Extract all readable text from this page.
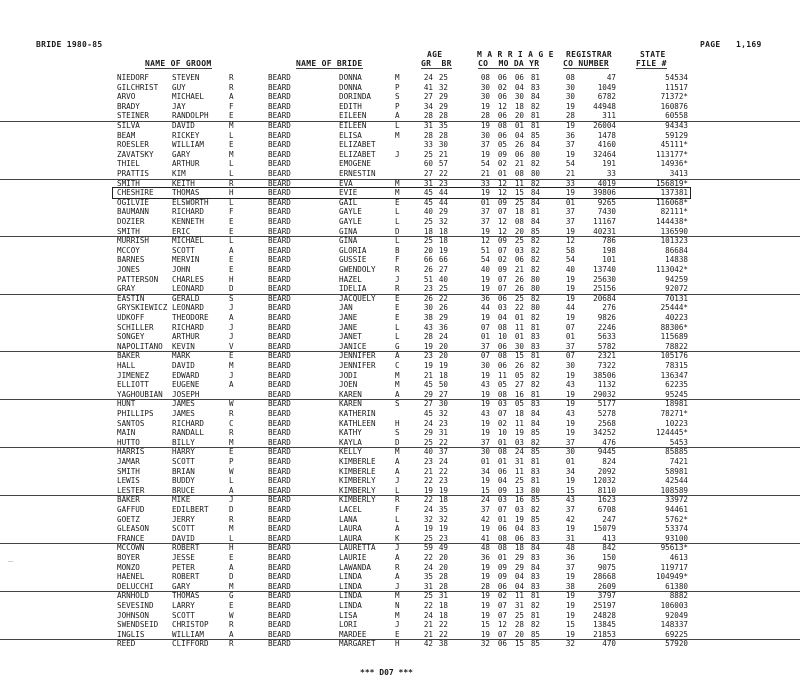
BRIDE 1980-85	PAGE 1,169
AGE	M A R R I A G E REGISTRAR	STATE
NAME OF GROOM	NAME OF BRIDE	GR  BR	CO  MO DA YR	CO NUMBER	FILE #
NIEDORF	STEVEN	R	BEARD	DONNA	M	24 25	08	06	06 81	08	47	54534
GILCHRIST GUY	R	BEARD	DONNA	P	41 32	30	02	04 83	30	1049	11517
ARVO	MICHAEL	A	BEARD	DORINDA	S	27 29	30	06	30 84	30	6782	71372*
BRADY	JAY	F	BEARD	EDITH	P	34 29	19	12	18 82	19	44948	160876
STEINER	RANDOLPH	E	BEARD	EILEEN	A	28 28	28	06	20 81	28	311	60558
SILVA	DAVID	M	BEARD	EILEEN	L	31 35	19	08	01 81	19	26004	94343
BEAM	RICKEY	L	BEARD	ELISA	M	28 28	30	06	04 85	36	1478	59129
ROESLER	WILLIAM	E	BEARD	ELIZABET	33 30	37	05	26 84	37	4160	45111*
ZAVATSKY GARY	M	BEARD	ELIZABET	J	25 21	19	09	06 80	19	32464	113177*
THIEL	ARTHUR	L	BEARD	EMOGENE	60 57	54	02	21 82	54	191	14936*
PRATTIS	KIM	L	BEARD	ERNESTIN	27 22	21	01	08 80	21	33	3413
SMITH	KEITH	R	BEARD	EVA	M	31 23	33	12	11 82	33	4019	156819*
CHESHIRE THOMAS	H	BEARD	EVIE	M	45 44	19	12	15 84	19	39806	137381
OGILVIE	ELSWORTH	L	BEARD	GAIL	E	45 44	01	09	25 84	01	9265	116068*
BAUMANN	RICHARD	F	BEARD	GAYLE	L	40 29	37	07	18 81	37	7430	82111*
DOZIER	KENNETH	E	BEARD	GAYLE	L	25 32	37	12	08 84	37	11167	144438*
SMITH	ERIC	E	BEARD	GINA	D	18 18	19	12	20 85	19	40231	136590
MURRISH	MICHAEL	L	BEARD	GINA	L	25 18	12	09	25 82	12	786	101323
MCCOY	SCOTT	A	BEARD	GLORIA	B	20 19	51	07	03 82	58	198	86684
BARNES	MERVIN	E	BEARD	GUSSIE	F	66 66	54	02	06 82	54	101	14838
JONES	JOHN	E	BEARD	GWENDOLY	R	26 27	40	09	21 82	40	13740	113042*
PATTERSON CHARLES	H	BEARD	HAZEL	J	51 40	19	07	26 80	19	25630	94259
GRAY	LEONARD	D	BEARD	IDELIA	R	23 25	19	07	26 80	19	25156	92072
EASTIN	GERALD	S	BEARD	JACQUELY	E	26 22	36	06	25 82	19	20684	70131
GRYSKIEWICZ LEONARD	J	BEARD	JAN	E	30 26	44	03	22 80	44	276	25444*
UDKOFF	THEODORE	A	BEARD	JANE	E	38 29	19	04	01 82	19	9826	40223
SCHILLER RICHARD	J	BEARD	JANE	L	43 36	07	08	11 81	07	2246	88306*
SONGEY	ARTHUR	J	BEARD	JANET	L	28 24	01	10	01 83	01	5633	115689
NAPOLITANO KEVIN	V	BEARD	JANICE	G	19 20	37	06	30 83	37	5782	78822
BAKER	MARK	E	BEARD	JENNIFER	A	23 20	07	08	15 81	07	2321	105176
HALL	DAVID	M	BEARD	JENNIFER	C	19 19	30	06	26 82	30	7322	78315
JIMENEZ	EDWARD	J	BEARD	JODI	M	21 18	19	11	05 82	19	38506	136347
ELLIOTT	EUGENE	A	BEARD	JOEN	M	45 50	43	05	27 82	43	1132	62235
YAGHOUBIAN JOSEPH	BEARD	KAREN	A	29 27	19	08	16 81	19	29032	95245
HUNT	JAMES	W	BEARD	KAREN	S	27 30	19	03	05 83	19	5177	18981
PHILLIPS JAMES	R	BEARD	KATHERIN	45 32	43	07	18 84	43	5278	78271*
SANTOS	RICHARD	C	BEARD	KATHLEEN	H	24 23	19	02	11 84	19	2568	10223
MAIN	RANDALL	R	BEARD	KATHY	S	29 31	19	10	19 85	19	34252	124445*
HUTTO	BILLY	M	BEARD	KAYLA	D	25 22	37	01	03 82	37	476	5453
HARRIS	HARRY	E	BEARD	KELLY	M	40 37	30	08	24 85	30	9445	85885
JAMAR	SCOTT	P	BEARD	KIMBERLE	A	23 24	01	01	31 81	01	824	7421
SMITH	BRIAN	W	BEARD	KIMBERLE	A	21 22	34	06	11 83	34	2092	58981
LEWIS	BUDDY	L	BEARD	KIMBERLY	J	22 23	19	04	25 81	19	12032	42544
LESTER	BRUCE	A	BEARD	KIMBERLY	L	19 19	15	09	13 80	15	8110	108589
BAKER	MIKE	J	BEARD	KIMBERLY	R	22 18	24	03	16 85	43	1623	33972
GAFFUD	EDILBERT	D	BEARD	LACEL	F	24 35	37	07	03 82	37	6708	94461
GOETZ	JERRY	R	BEARD	LANA	L	32 32	42	01	19 85	42	247	5762*
GLEASON	SCOTT	M	BEARD	LAURA	A	19 19	19	06	04 83	19	15079	53374
FRANCE	DAVID	L	BEARD	LAURA	K	25 23	41	08	06 83	31	413	93100
MCCOWN	ROBERT	H	BEARD	LAURETTA	J	59 49	48	08	18 84	48	842	95613*
BOYER	JESSE	E	BEARD	LAURIE	A	22 20	36	01	29 83	36	150	4613
MONZO	PETER	A	BEARD	LAWANDA	R	24 20	19	09	29 84	37	9075	119717
HAENEL	ROBERT	D	BEARD	LINDA	A	35 28	19	09	04 83	19	28668	104949*
DELUCCHI GARY	M	BEARD	LINDA	J	31 28	28	06	04 83	38	2609	61380
ARNHOLD	THOMAS	G	BEARD	LINDA	M	25 31	19	02	11 81	19	3797	8882
SEVESIND LARRY	E	BEARD	LINDA	N	22 18	19	07	31 82	19	25197	106003
JOHNSON	SCOTT	W	BEARD	LISA	M	24 18	19	07	25 81	19	24828	92049
SWENDSEID CHRISTOP	R	BEARD	LORI	J	21 22	15	12	28 82	15	13845	148337
INGLIS	WILLIAM	A	BEARD	MARDEE	E	21 22	19	07	20 85	19	21853	69225
REED	CLIFFORD	R	BEARD	MARGARET	H	42 38	32	06	15 85	32	470	57920
*** D07 ***
|
